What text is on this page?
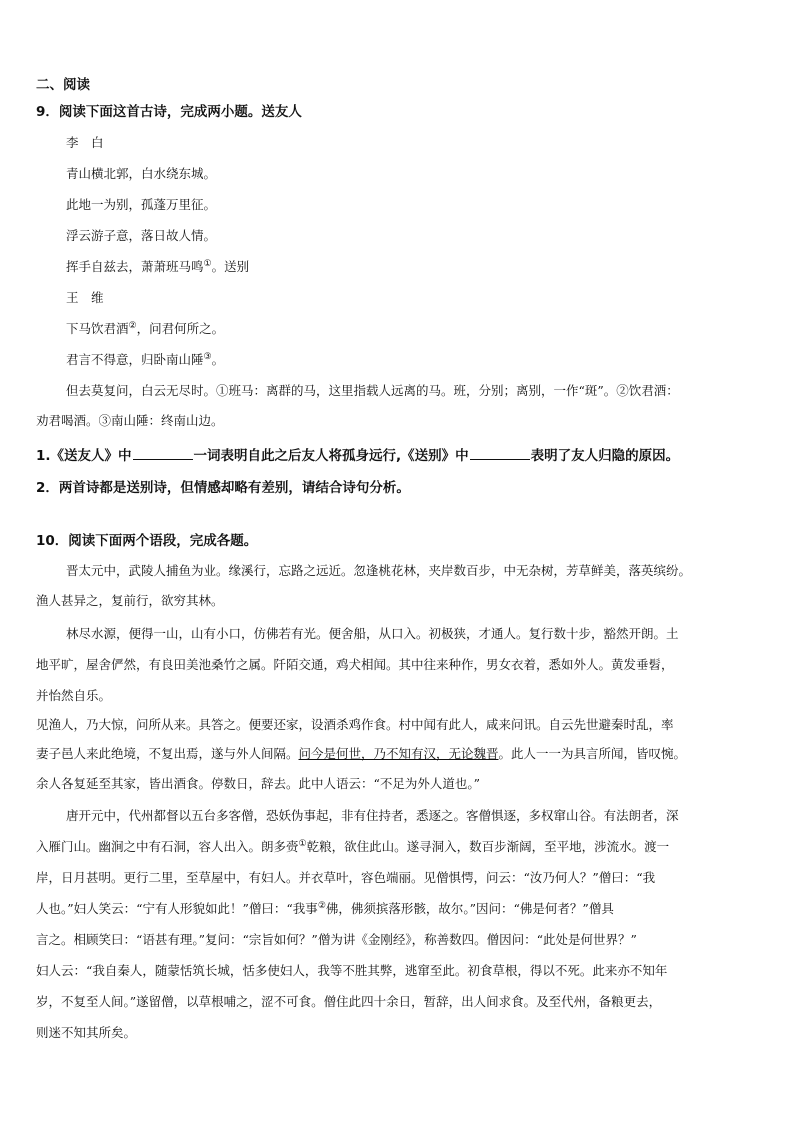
二、阅读
9．阅读下面这首古诗，完成两小题。送友人
李　白
青山横北郭，白水绕东城。
此地一为别，孤蓬万里征。
浮云游子意，落日故人情。
挥手自兹去，萧萧班马鸣①。送别
王　维
下马饮君酒②，问君何所之。
君言不得意，归卧南山陲③。
但去莫复问，白云无尽时。①班马：离群的马，这里指载人远离的马。班，分别；离别，一作“斑”。②饮君酒：
劝君喝酒。③南山陲：终南山边。
1.《送友人》中	一词表明自此之后友人将孤身远行,《送别》中	表明了友人归隐的原因。
2．两首诗都是送别诗，但情感却略有差别，请结合诗句分析。
10．阅读下面两个语段，完成各题。
晋太元中，武陵人捕鱼为业。缘溪行，忘路之远近。忽逢桃花林，夹岸数百步，中无杂树，芳草鲜美，落英缤纷。
渔人甚异之，复前行，欲穷其林。
林尽水源，便得一山，山有小口，仿佛若有光。便舍船，从口入。初极狭，才通人。复行数十步，豁然开朗。土
地平旷，屋舍俨然，有良田美池桑竹之属。阡陌交通，鸡犬相闻。其中往来种作，男女衣着，悉如外人。黄发垂髫，
并怡然自乐。
见渔人，乃大惊，问所从来。具答之。便要还家，设酒杀鸡作食。村中闻有此人，咸来问讯。自云先世避秦时乱，率
妻子邑人来此绝境，不复出焉，遂与外人间隔。问今是何世，乃不知有汉，无论魏晋。此人一一为具言所闻，皆叹惋。
余人各复延至其家，皆出酒食。停数日，辞去。此中人语云：“不足为外人道也。”
唐开元中，代州都督以五台多客僧，恐妖伪事起，非有住持者，悉逐之。客僧惧逐，多权窜山谷。有法朗者，深
入雁门山。幽涧之中有石洞，容人出入。朗多赍①乾粮，欲住此山。遂寻洞入，数百步渐阔，至平地，涉流水。渡一
岸，日月甚明。更行二里，至草屋中，有妇人。并衣草叶，容色端丽。见僧惧愕，问云：“汝乃何人？”僧曰：“我
人也。”妇人笑云：“宁有人形貌如此！”僧曰：“我事②佛，佛须摈落形骸，故尔。”因问：“佛是何者？”僧具
言之。相顾笑曰：“语甚有理。”复问：“宗旨如何？”僧为讲《金刚经》，称善数四。僧因问：“此处是何世界？”
妇人云：“我自秦人，随蒙恬筑长城，恬多使妇人，我等不胜其弊，逃窜至此。初食草根，得以不死。此来亦不知年
岁，不复至人间。”遂留僧，以草根哺之，涩不可食。僧住此四十余日，暂辞，出人间求食。及至代州，备粮更去，
则迷不知其所矣。
